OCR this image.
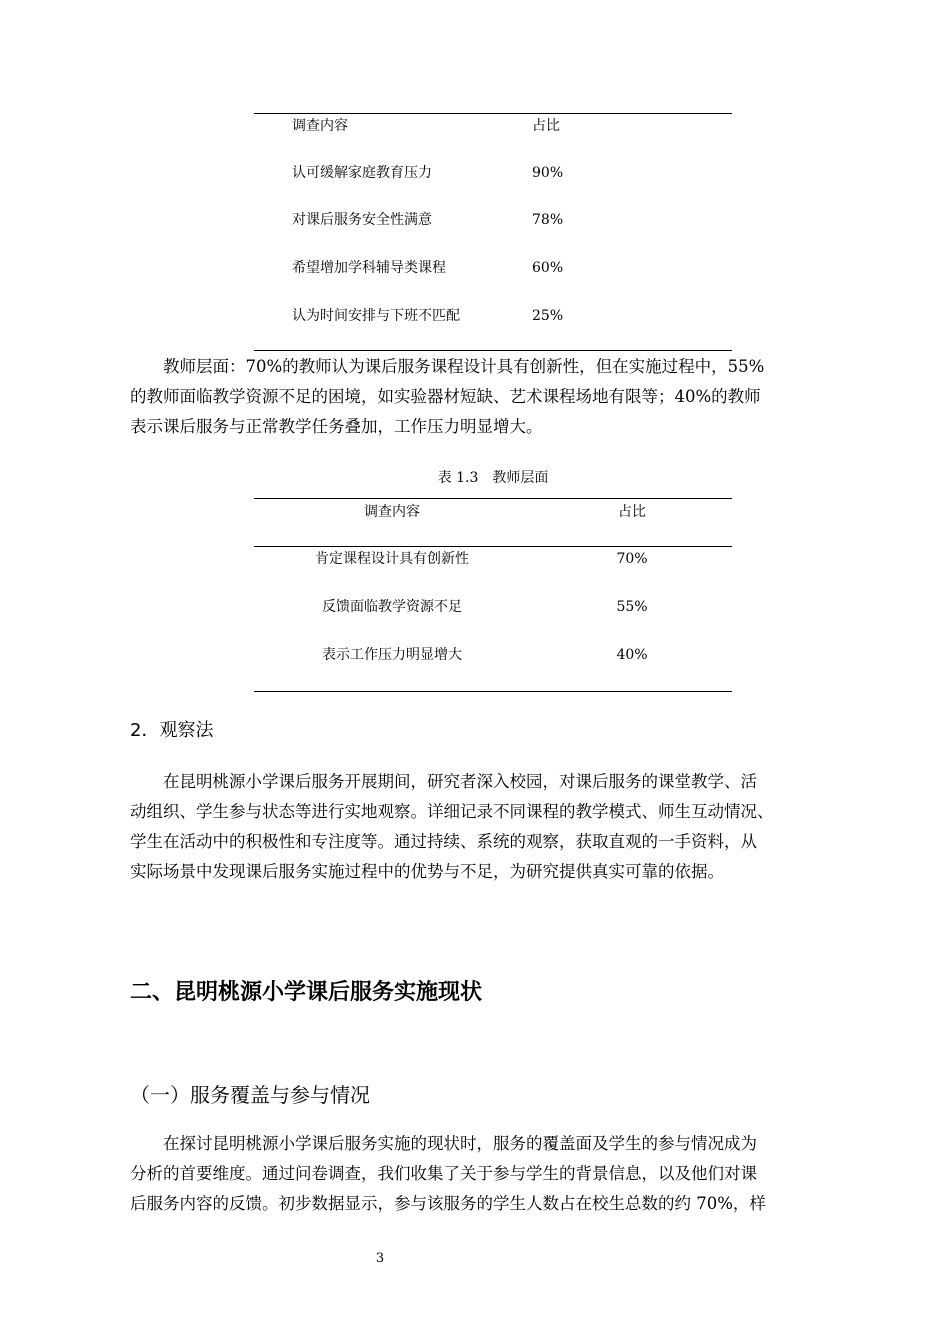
调查内容	占比
认可缓解家庭教育压力	90%
对课后服务安全性满意	78%
希望增加学科辅导类课程	60%
认为时间安排与下班不匹配	25%
教师层面：70%的教师认为课后服务课程设计具有创新性，但在实施过程中，55%
的教师面临教学资源不足的困境，如实验器材短缺、艺术课程场地有限等；40%的教师
表示课后服务与正常教学任务叠加，工作压力明显增大。
表 1.3　教师层面
调查内容	占比
肯定课程设计具有创新性	70%
反馈面临教学资源不足	55%
表示工作压力明显增大	40%
2．观察法
在昆明桃源小学课后服务开展期间，研究者深入校园，对课后服务的课堂教学、活
动组织、学生参与状态等进行实地观察。详细记录不同课程的教学模式、师生互动情况、
学生在活动中的积极性和专注度等。通过持续、系统的观察，获取直观的一手资料，从
实际场景中发现课后服务实施过程中的优势与不足，为研究提供真实可靠的依据。
二、昆明桃源小学课后服务实施现状
（一）服务覆盖与参与情况
在探讨昆明桃源小学课后服务实施的现状时，服务的覆盖面及学生的参与情况成为
分析的首要维度。通过问卷调查，我们收集了关于参与学生的背景信息，以及他们对课
后服务内容的反馈。初步数据显示，参与该服务的学生人数占在校生总数的约 70%，样
3
